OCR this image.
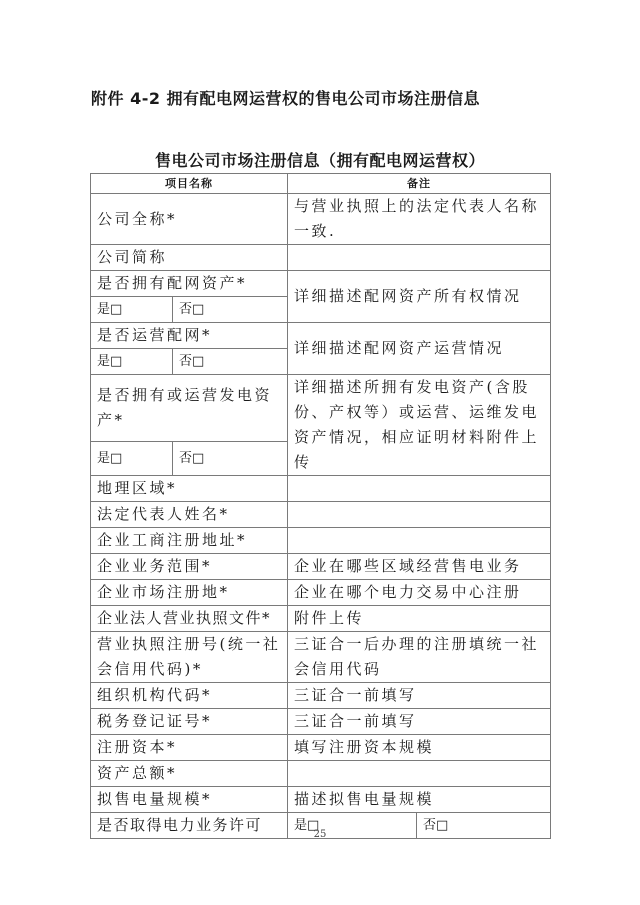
附件 4-2 拥有配电网运营权的售电公司市场注册信息
售电公司市场注册信息（拥有配电网运营权）
项目名称		备注	
公司全称*		与营业执照上的法定代表人名称一致.	
公司简称			
是否拥有配网资产*		详细描述配网资产所有权情况	
是□	否□		
是否运营配网*		详细描述配网资产运营情况	
是□	否□		
是否拥有或运营发电资产*		详细描述所拥有发电资产(含股份、产权等）或运营、运维发电资产情况，相应证明材料附件上传	
是□	否□		
地理区域*			
法定代表人姓名*			
企业工商注册地址*			
企业业务范围*		企业在哪些区域经营售电业务	
企业市场注册地*		企业在哪个电力交易中心注册	
企业法人营业执照文件*		附件上传	
营业执照注册号(统一社会信用代码)*		三证合一后办理的注册填统一社会信用代码	
组织机构代码*		三证合一前填写	
税务登记证号*		三证合一前填写	
注册资本*		填写注册资本规模	
资产总额*			
拟售电量规模*		描述拟售电量规模	
是否取得电力业务许可		是□	否□
25
